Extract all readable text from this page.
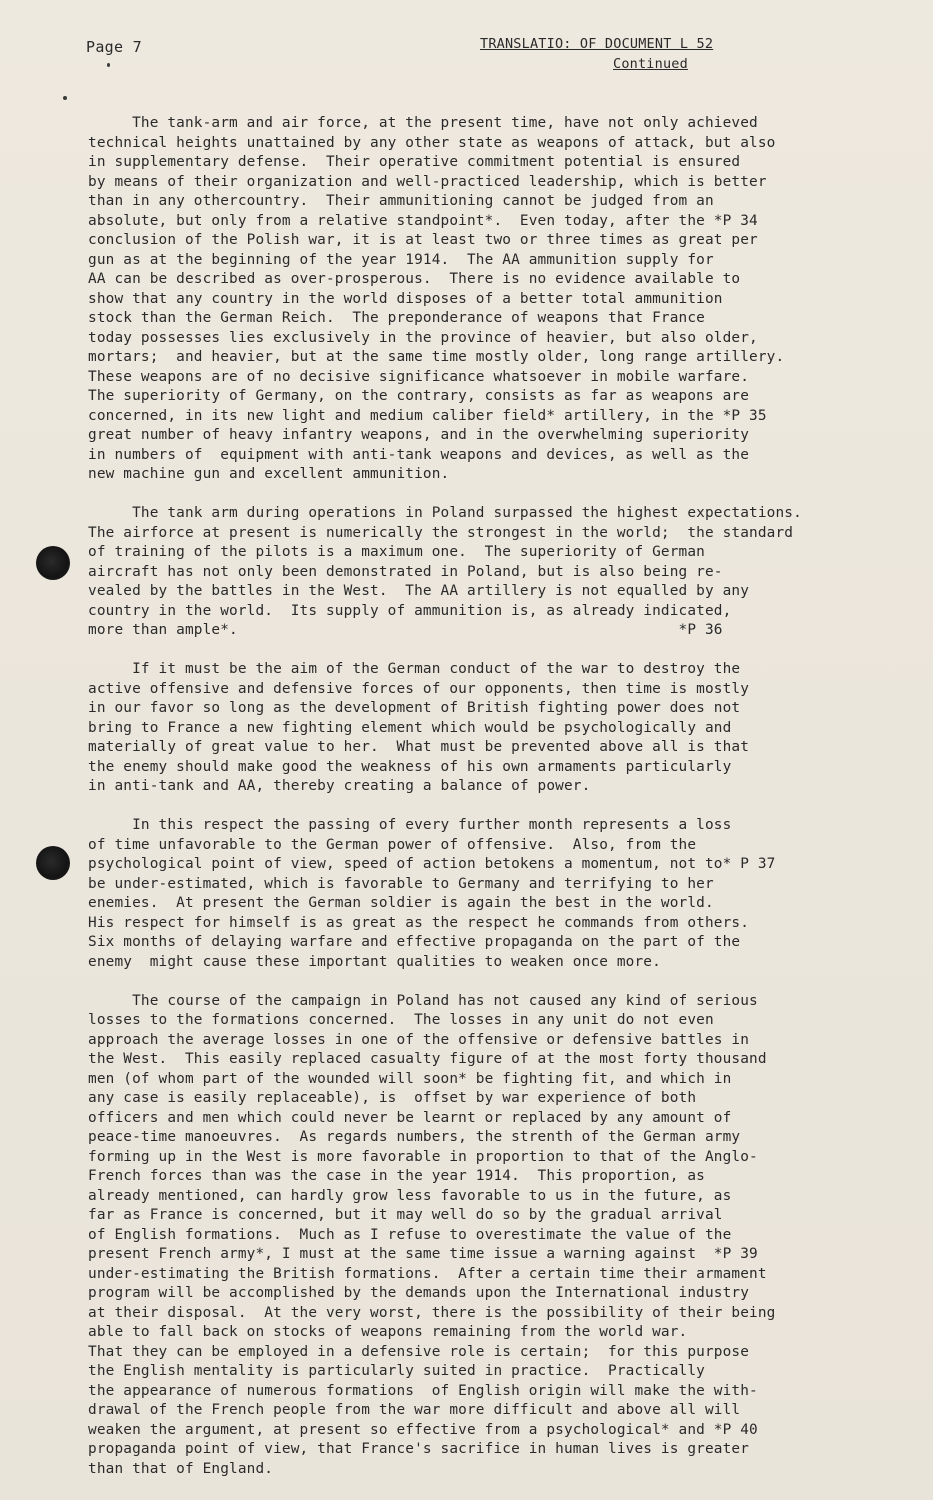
Page 7	TRANSLATIO: OF DOCUMENT L 52
Continued
The tank-arm and air force, at the present time, have not only achieved
technical heights unattained by any other state as weapons of attack, but also
in supplementary defense.  Their operative commitment potential is ensured
by means of their organization and well-practiced leadership, which is better
than in any othercountry.  Their ammunitioning cannot be judged from an
absolute, but only from a relative standpoint*.  Even today, after the *P 34
conclusion of the Polish war, it is at least two or three times as great per
gun as at the beginning of the year 1914.  The AA ammunition supply for
AA can be described as over-prosperous.  There is no evidence available to
show that any country in the world disposes of a better total ammunition
stock than the German Reich.  The preponderance of weapons that France
today possesses lies exclusively in the province of heavier, but also older,
mortars;  and heavier, but at the same time mostly older, long range artillery.
These weapons are of no decisive significance whatsoever in mobile warfare.
The superiority of Germany, on the contrary, consists as far as weapons are
concerned, in its new light and medium caliber field* artillery, in the *P 35
great number of heavy infantry weapons, and in the overwhelming superiority
in numbers of  equipment with anti-tank weapons and devices, as well as the
new machine gun and excellent ammunition.
The tank arm during operations in Poland surpassed the highest expectations.
The airforce at present is numerically the strongest in the world;  the standard
of training of the pilots is a maximum one.  The superiority of German
aircraft has not only been demonstrated in Poland, but is also being re-
vealed by the battles in the West.  The AA artillery is not equalled by any
country in the world.  Its supply of ammunition is, as already indicated,
more than ample*.                                                  *P 36
If it must be the aim of the German conduct of the war to destroy the
active offensive and defensive forces of our opponents, then time is mostly
in our favor so long as the development of British fighting power does not
bring to France a new fighting element which would be psychologically and
materially of great value to her.  What must be prevented above all is that
the enemy should make good the weakness of his own armaments particularly
in anti-tank and AA, thereby creating a balance of power.
In this respect the passing of every further month represents a loss
of time unfavorable to the German power of offensive.  Also, from the
psychological point of view, speed of action betokens a momentum, not to* P 37
be under-estimated, which is favorable to Germany and terrifying to her
enemies.  At present the German soldier is again the best in the world.
His respect for himself is as great as the respect he commands from others.
Six months of delaying warfare and effective propaganda on the part of the
enemy  might cause these important qualities to weaken once more.
The course of the campaign in Poland has not caused any kind of serious
losses to the formations concerned.  The losses in any unit do not even
approach the average losses in one of the offensive or defensive battles in
the West.  This easily replaced casualty figure of at the most forty thousand
men (of whom part of the wounded will soon* be fighting fit, and which in
any case is easily replaceable), is  offset by war experience of both
officers and men which could never be learnt or replaced by any amount of
peace-time manoeuvres.  As regards numbers, the strenth of the German army
forming up in the West is more favorable in proportion to that of the Anglo-
French forces than was the case in the year 1914.  This proportion, as
already mentioned, can hardly grow less favorable to us in the future, as
far as France is concerned, but it may well do so by the gradual arrival
of English formations.  Much as I refuse to overestimate the value of the
present French army*, I must at the same time issue a warning against  *P 39
under-estimating the British formations.  After a certain time their armament
program will be accomplished by the demands upon the International industry
at their disposal.  At the very worst, there is the possibility of their being
able to fall back on stocks of weapons remaining from the world war.
That they can be employed in a defensive role is certain;  for this purpose
the English mentality is particularly suited in practice.  Practically
the appearance of numerous formations  of English origin will make the with-
drawal of the French people from the war more difficult and above all will
weaken the argument, at present so effective from a psychological* and *P 40
propaganda point of view, that France's sacrifice in human lives is greater
than that of England.
